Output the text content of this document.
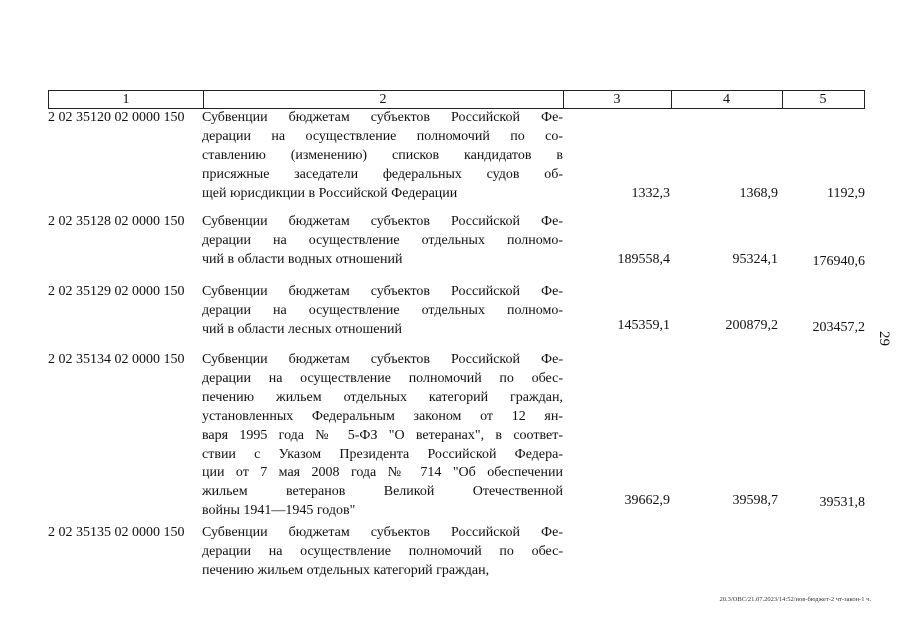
1	2	3	4	5
2 02 35120 02 0000 150	Субвенции бюджетам субъектов Российской Фе-
дерации на осуществление полномочий по со-
ставлению (изменению) списков кандидатов в
присяжные заседатели федеральных судов об-
щей юрисдикции в Российской Федерации	1332,3	1368,9	1192,9
2 02 35128 02 0000 150	Субвенции бюджетам субъектов Российской Фе-
дерации на осуществление отдельных полномо-
чий в области водных отношений	189558,4	95324,1	176940,6
2 02 35129 02 0000 150	Субвенции бюджетам субъектов Российской Фе-
дерации на осуществление отдельных полномо-
чий в области лесных отношений	145359,1	200879,2	203457,2
2 02 35134 02 0000 150	Субвенции бюджетам субъектов Российской Фе-
дерации на осуществление полномочий по обес-
печению жильем отдельных категорий граждан,
установленных Федеральным законом от 12 ян-
варя 1995 года № 5-ФЗ "О ветеранах", в соответ-
ствии с Указом Президента Российской Федера-
ции от 7 мая 2008 года № 714 "Об обеспечении
жильем ветеранов Великой Отечественной
войны 1941—1945 годов"
39662,9	39598,7	39531,8
2 02 35135 02 0000 150	Субвенции бюджетам субъектов Российской Фе-
дерации на осуществление полномочий по обес-
печению жильем отдельных категорий граждан,
29
20.3/OBC/21.07.2023/14:52/нов-бюджет-2 чт-закон-1 ч.
